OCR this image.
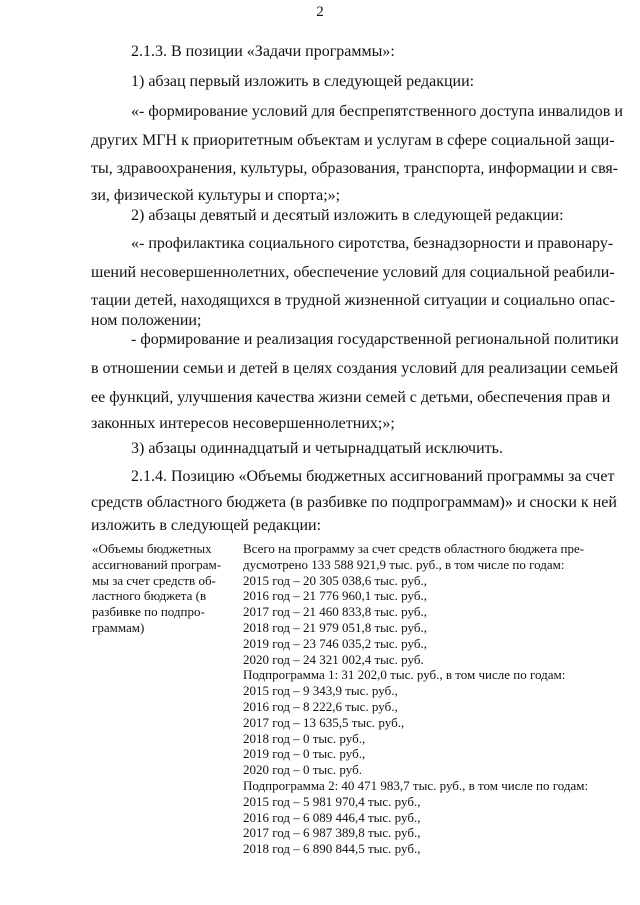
2
2.1.3. В позиции «Задачи программы»:
1) абзац первый изложить в следующей редакции:
«- формирование условий для беспрепятственного доступа инвалидов и
других МГН к приоритетным объектам и услугам в сфере социальной защи-
ты, здравоохранения, культуры, образования, транспорта, информации и свя-
зи, физической культуры и спорта;»;
2) абзацы девятый и десятый изложить в следующей редакции:
«- профилактика социального сиротства, безнадзорности и правонару-
шений несовершеннолетних, обеспечение условий для социальной реабили-
тации детей, находящихся в трудной жизненной ситуации и социально опас-
ном положении;
- формирование и реализация государственной региональной политики
в отношении семьи и детей в целях создания условий для реализации семьей
ее функций, улучшения качества жизни семей с детьми, обеспечения прав и
законных интересов несовершеннолетних;»;
3) абзацы одиннадцатый и четырнадцатый исключить.
2.1.4. Позицию «Объемы бюджетных ассигнований программы за счет
средств областного бюджета (в разбивке по подпрограммам)» и сноски к ней
изложить в следующей редакции:
«Объемы бюджетных
ассигнований програм-
мы за счет средств об-
ластного бюджета (в
разбивке по подпро-
граммам)
Всего на программу за счет средств областного бюджета пре-
дусмотрено 133 588 921,9 тыс. руб., в том числе по годам:
2015 год – 20 305 038,6 тыс. руб.,
2016 год – 21 776 960,1 тыс. руб.,
2017 год – 21 460 833,8 тыс. руб.,
2018 год – 21 979 051,8 тыс. руб.,
2019 год – 23 746 035,2 тыс. руб.,
2020 год – 24 321 002,4 тыс. руб.
Подпрограмма 1: 31 202,0 тыс. руб., в том числе по годам:
2015 год – 9 343,9 тыс. руб.,
2016 год – 8 222,6 тыс. руб.,
2017 год – 13 635,5 тыс. руб.,
2018 год – 0 тыс. руб.,
2019 год – 0 тыс. руб.,
2020 год – 0 тыс. руб.
Подпрограмма 2: 40 471 983,7 тыс. руб., в том числе по годам:
2015 год – 5 981 970,4 тыс. руб.,
2016 год – 6 089 446,4 тыс. руб.,
2017 год – 6 987 389,8 тыс. руб.,
2018 год – 6 890 844,5 тыс. руб.,
